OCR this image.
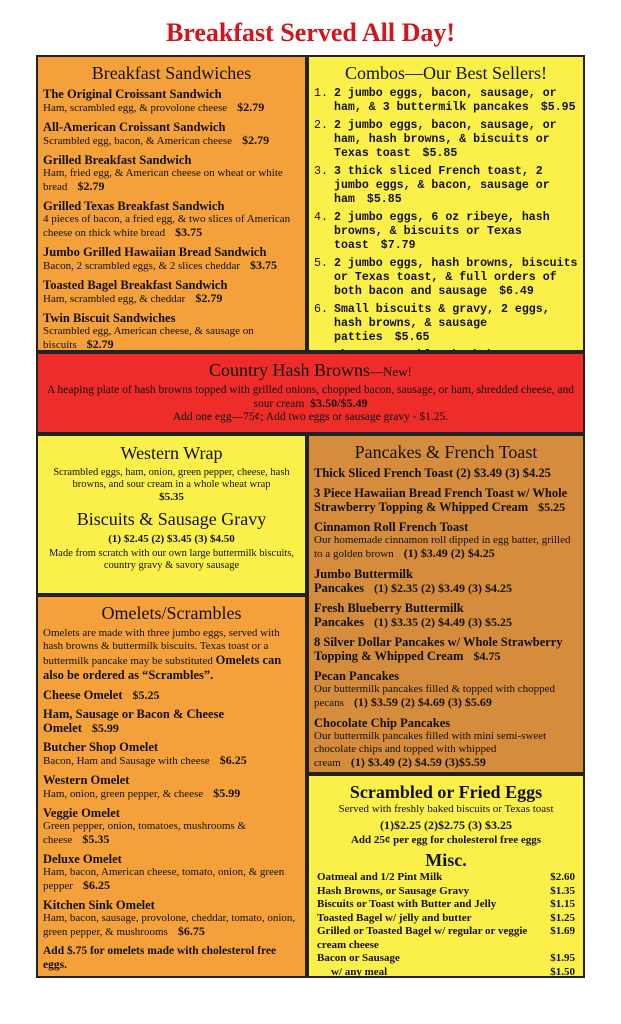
Breakfast Served All Day!
Breakfast Sandwiches
The Original Croissant Sandwich
Ham, scrambled egg, & provolone cheese $2.79
All-American Croissant Sandwich
Scrambled egg, bacon, & American cheese $2.79
Grilled Breakfast Sandwich
Ham, fried egg, & American cheese on wheat or white bread $2.79
Grilled Texas Breakfast Sandwich
4 pieces of bacon, a fried egg, & two slices of American cheese on thick white bread $3.75
Jumbo Grilled Hawaiian Bread Sandwich
Bacon, 2 scrambled eggs, & 2 slices cheddar $3.75
Toasted Bagel Breakfast Sandwich
Ham, scrambled egg, & cheddar $2.79
Twin Biscuit Sandwiches
Scrambled egg, American cheese, & sausage on biscuits $2.79
Combos—Our Best Sellers!
1. 2 jumbo eggs, bacon, sausage, or ham, & 3 buttermilk pancakes $5.95
2. 2 jumbo eggs, bacon, sausage, or ham, hash browns, & biscuits or Texas toast $5.85
3. 3 thick sliced French toast, 2 jumbo eggs, & bacon, sausage or ham $5.85
4. 2 jumbo eggs, 6 oz ribeye, hash browns, & biscuits or Texas toast $7.79
5. 2 jumbo eggs, hash browns, biscuits or Texas toast, & full orders of both bacon and sausage $6.49
6. Small biscuits & gravy, 2 eggs, hash browns, & sausage patties $5.65
Country Hash Browns—New!
A heaping plate of hash browns topped with grilled onions, chopped bacon, sausage, or ham, shredded cheese, and sour cream $3.50/$5.49
Add one egg—75¢; Add two eggs or sausage gravy - $1.25.
Western Wrap
Scrambled eggs, ham, onion, green pepper, cheese, hash browns, and sour cream in a whole wheat wrap
$5.35
Biscuits & Sausage Gravy
(1) $2.45 (2) $3.45 (3) $4.50
Made from scratch with our own large buttermilk biscuits, country gravy & savory sausage
Pancakes & French Toast
Thick Sliced French Toast (2) $3.49 (3) $4.25
3 Piece Hawaiian Bread French Toast w/ Whole Strawberry Topping & Whipped Cream $5.25
Cinnamon Roll French Toast
Our homemade cinnamon roll dipped in egg batter, grilled to a golden brown (1) $3.49 (2) $4.25
Jumbo Buttermilk Pancakes (1) $2.35 (2) $3.49 (3) $4.25
Fresh Blueberry Buttermilk Pancakes (1) $3.35 (2) $4.49 (3) $5.25
8 Silver Dollar Pancakes w/ Whole Strawberry Topping & Whipped Cream $4.75
Pecan Pancakes
Our buttermilk pancakes filled & topped with chopped pecans (1) $3.59 (2) $4.69 (3) $5.69
Chocolate Chip Pancakes
Our buttermilk pancakes filled with mini semi-sweet chocolate chips and topped with whipped cream (1) $3.49 (2) $4.59 (3)$5.59
Omelets/Scrambles
Omelets are made with three jumbo eggs, served with hash browns & buttermilk biscuits. Texas toast or a buttermilk pancake may be substituted Omelets can also be ordered as “Scrambles”.
Cheese Omelet $5.25
Ham, Sausage or Bacon & Cheese Omelet $5.99
Butcher Shop Omelet
Bacon, Ham and Sausage with cheese $6.25
Western Omelet
Ham, onion, green pepper, & cheese $5.99
Veggie Omelet
Green pepper, onion, tomatoes, mushrooms & cheese $5.35
Deluxe Omelet
Ham, bacon, American cheese, tomato, onion, & green pepper $6.25
Kitchen Sink Omelet
Ham, bacon, sausage, provolone, cheddar, tomato, onion, green pepper, & mushrooms $6.75
Add $.75 for omelets made with cholesterol free eggs.
Scrambled or Fried Eggs
Served with freshly baked biscuits or Texas toast
(1)$2.25 (2)$2.75 (3) $3.25
Add 25¢ per egg for cholesterol free eggs
Misc.
Oatmeal and 1/2 Pint Milk	$2.60
Hash Browns, or Sausage Gravy	$1.35
Biscuits or Toast with Butter and Jelly	$1.15
Toasted Bagel w/ jelly and butter	$1.25
Grilled or Toasted Bagel w/ regular or veggie cream cheese
$1.69
Bacon or Sausage	$1.95
w/ any meal	$1.50
